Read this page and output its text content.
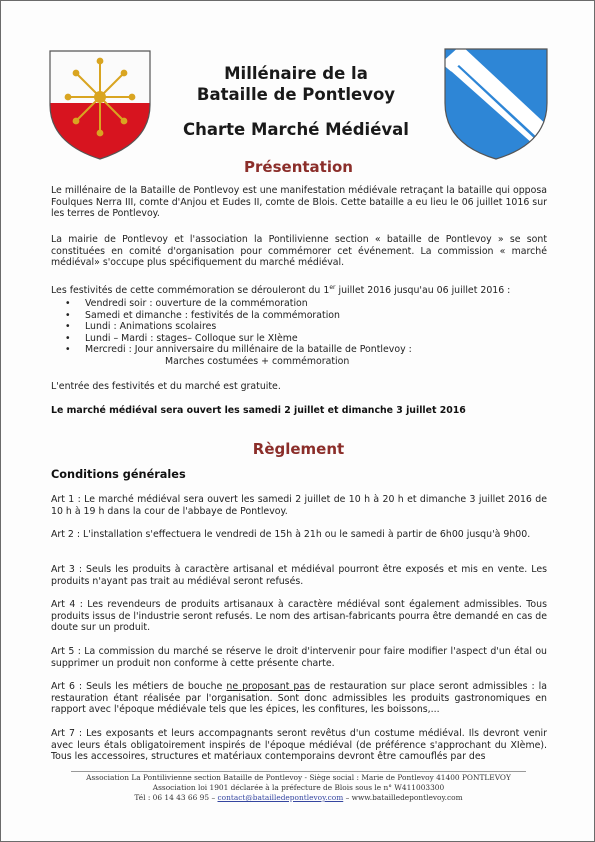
Millénaire de la
Bataille de Pontlevoy
Charte Marché Médiéval
Présentation
Le millénaire de la Bataille de Pontlevoy est une manifestation médiévale retraçant la bataille qui opposa Foulques Nerra III, comte d'Anjou et Eudes II, comte de Blois. Cette bataille a eu lieu le 06 juillet 1016 sur les terres de Pontlevoy.
La mairie de Pontlevoy et l'association la Pontilivienne section « bataille de Pontlevoy » se sont constituées en comité d'organisation pour commémorer cet événement. La commission « marché médiéval» s'occupe plus spécifiquement du marché médiéval.
Les festivités de cette commémoration se dérouleront du 1er juillet 2016 jusqu'au 06 juillet 2016 :
• Vendredi soir : ouverture de la commémoration
• Samedi et dimanche : festivités de la commémoration
• Lundi : Animations scolaires
• Lundi – Mardi : stages– Colloque sur le XIème
• Mercredi : Jour anniversaire du millénaire de la bataille de Pontlevoy :
Marches costumées + commémoration
L'entrée des festivités et du marché est gratuite.
Le marché médiéval sera ouvert les samedi 2 juillet et dimanche 3 juillet 2016
Règlement
Conditions générales
Art 1 : Le marché médiéval sera ouvert les samedi 2 juillet de 10 h à 20 h et dimanche 3 juillet 2016 de 10 h à 19 h dans la cour de l'abbaye de Pontlevoy.
Art 2 : L'installation s'effectuera le vendredi de 15h à 21h ou le samedi à partir de 6h00 jusqu'à 9h00.
Art 3 : Seuls les produits à caractère artisanal et médiéval pourront être exposés et mis en vente. Les produits n'ayant pas trait au médiéval seront refusés.
Art 4 : Les revendeurs de produits artisanaux à caractère médiéval sont également admissibles. Tous produits issus de l'industrie seront refusés. Le nom des artisan-fabricants pourra être demandé en cas de doute sur un produit.
Art 5 : La commission du marché se réserve le droit d'intervenir pour faire modifier l'aspect d'un étal ou supprimer un produit non conforme à cette présente charte.
Art 6 : Seuls les métiers de bouche ne proposant pas de restauration sur place seront admissibles : la restauration étant réalisée par l'organisation. Sont donc admissibles les produits gastronomiques en rapport avec l'époque médiévale tels que les épices, les confitures, les boissons,...
Art 7 : Les exposants et leurs accompagnants seront revêtus d'un costume médiéval. Ils devront venir avec leurs étals obligatoirement inspirés de l'époque médiéval (de préférence s'approchant du XIème). Tous les accessoires, structures et matériaux contemporains devront être camouflés par des
Association La Pontilivienne section Bataille de Pontlevoy - Siège social : Marie de Pontlevoy 41400 PONTLEVOY
Association loi 1901 déclarée à la préfecture de Blois sous le n° W411003300
Tél : 06 14 43 66 95 – contact@batailledepontlevoy.com – www.batailledepontlevoy.com
